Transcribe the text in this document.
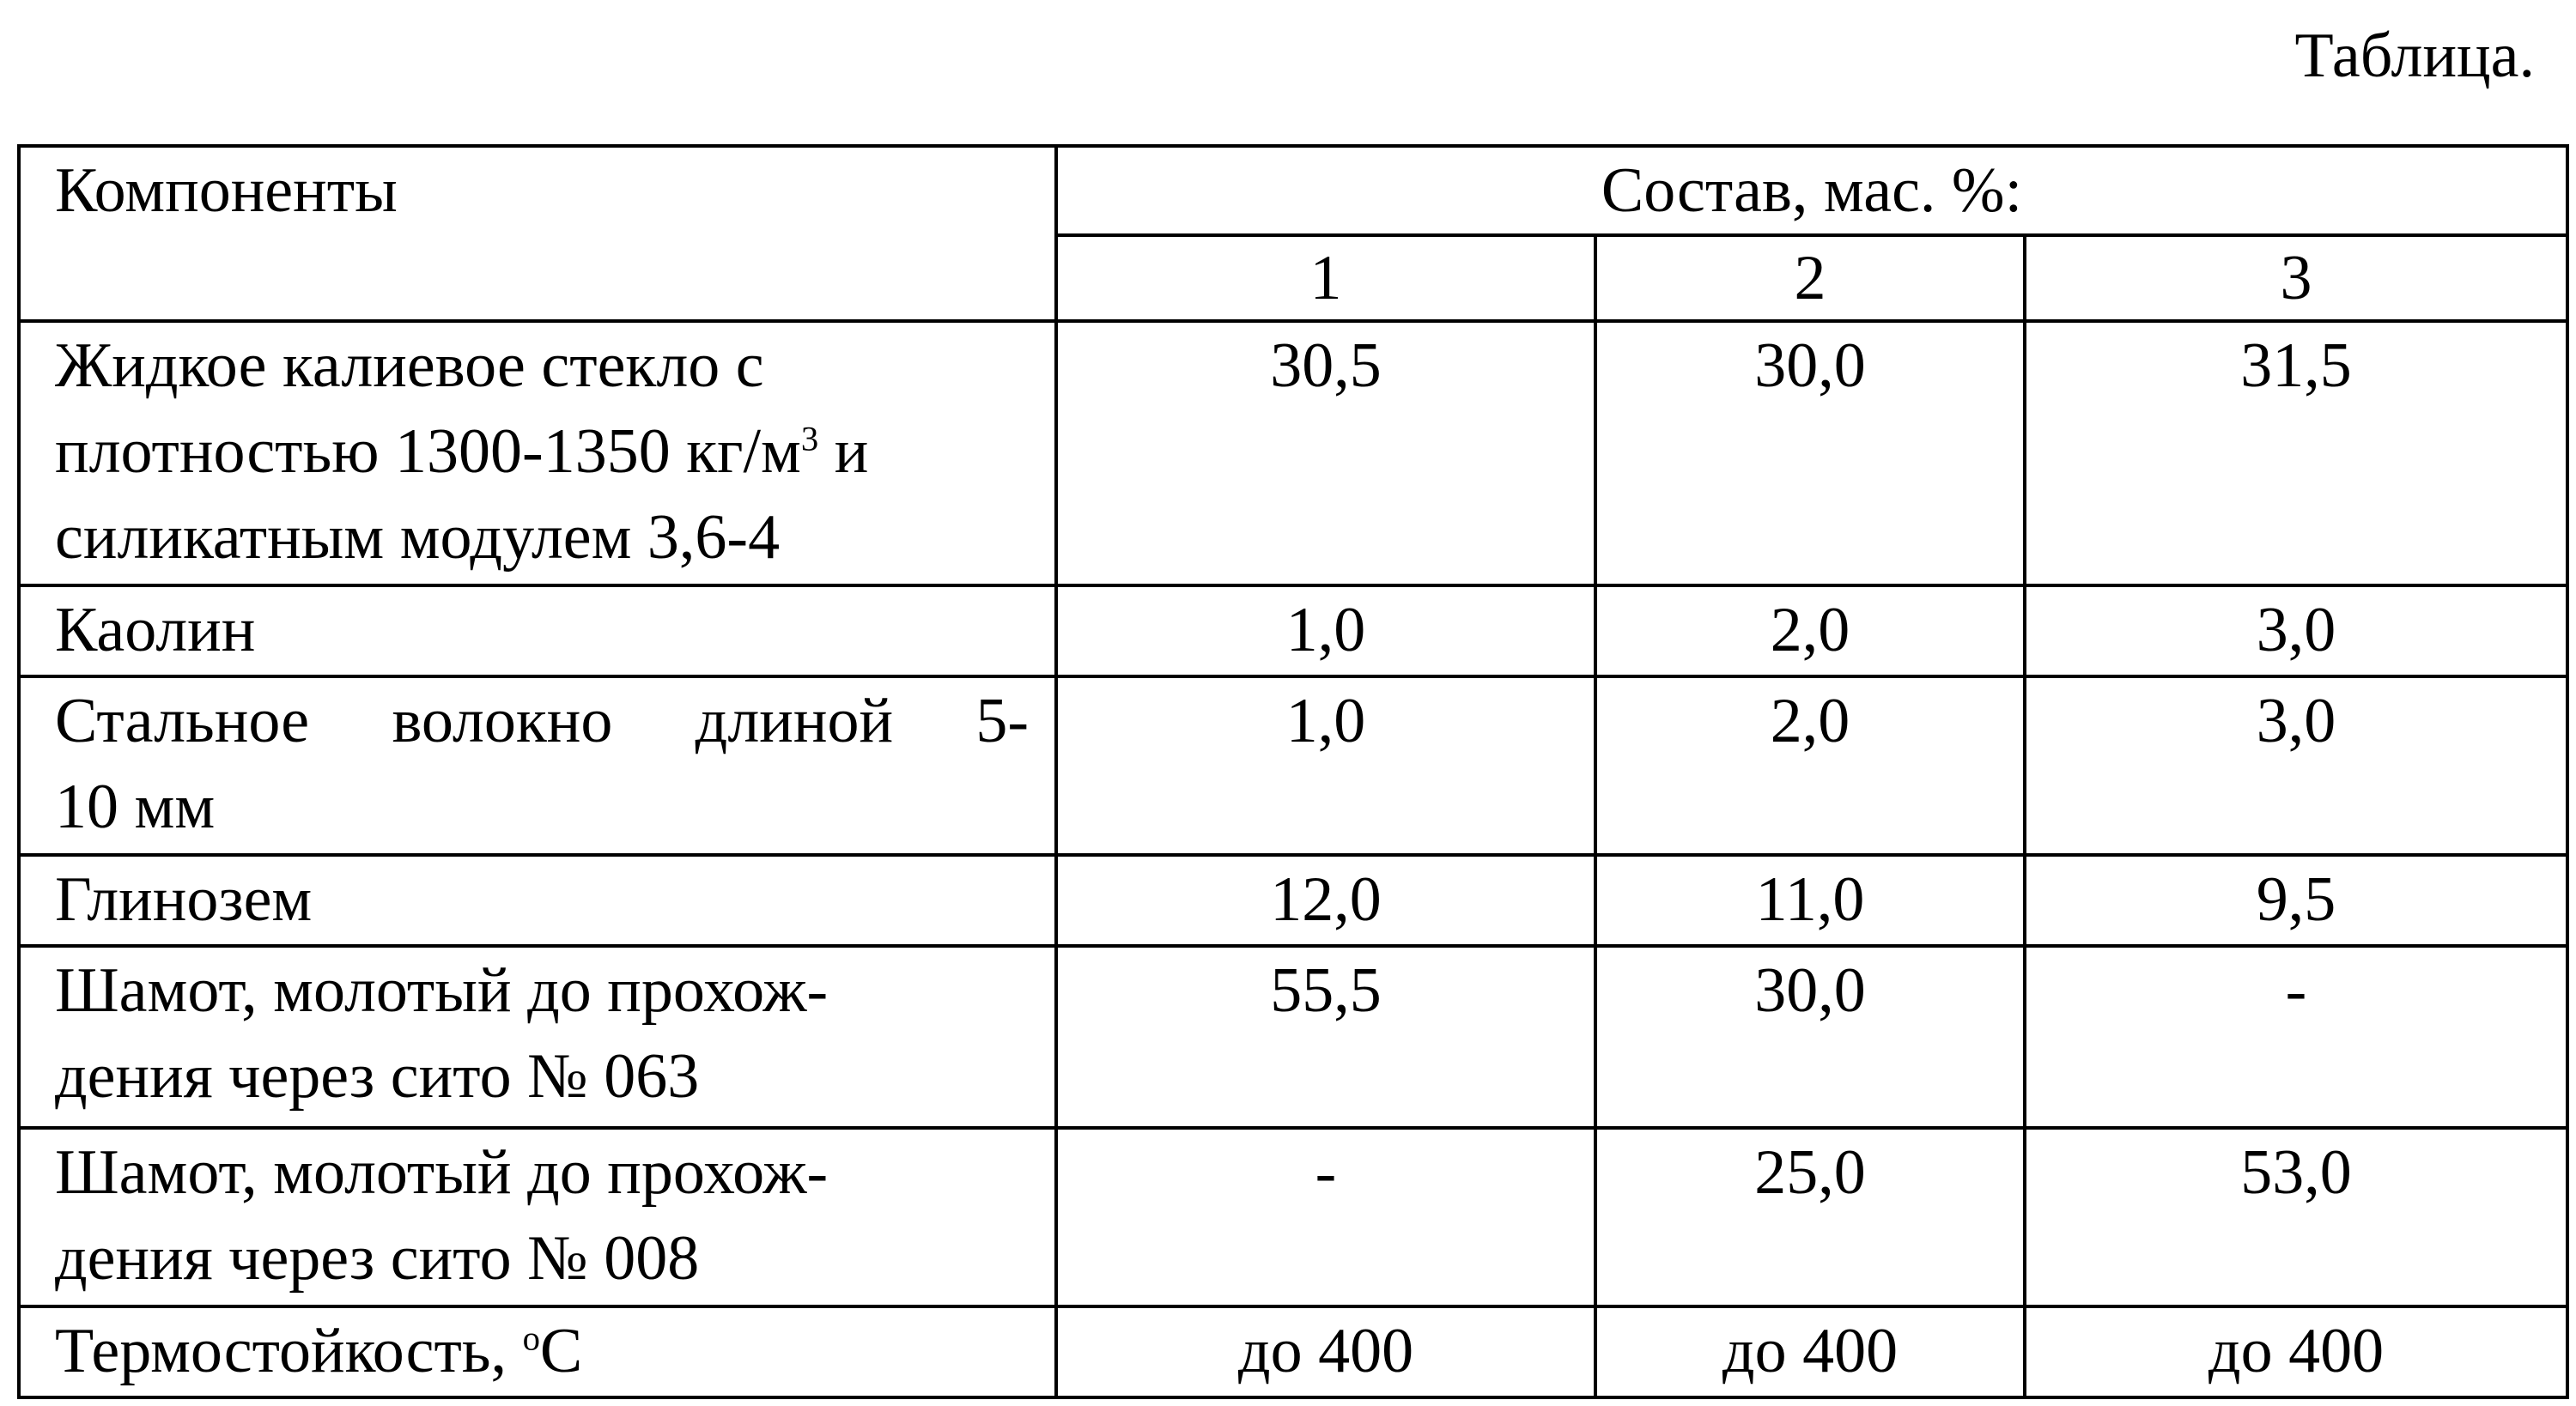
Таблица.
Компоненты	Состав, мас. %:		
	1	2	3

Жидкое калиевое стекло с
плотностью 1300-1350 $кг/м^3$ и
силикатным модулем 3,6-4	30,5	30,0	31,5

Каолин	1,0	2,0	3,0

Стальное волокно длиной 5-
10 мм	1,0	2,0	3,0

Глинозем	12,0	11,0	9,5

Шамот, молотый до прохож-
дения через сито № 063	55,5	30,0	-

Шамот, молотый до прохож-
дения через сито № 008	-	25,0	53,0

Термостойкость, $^о$С	до 400	до 400	до 400
